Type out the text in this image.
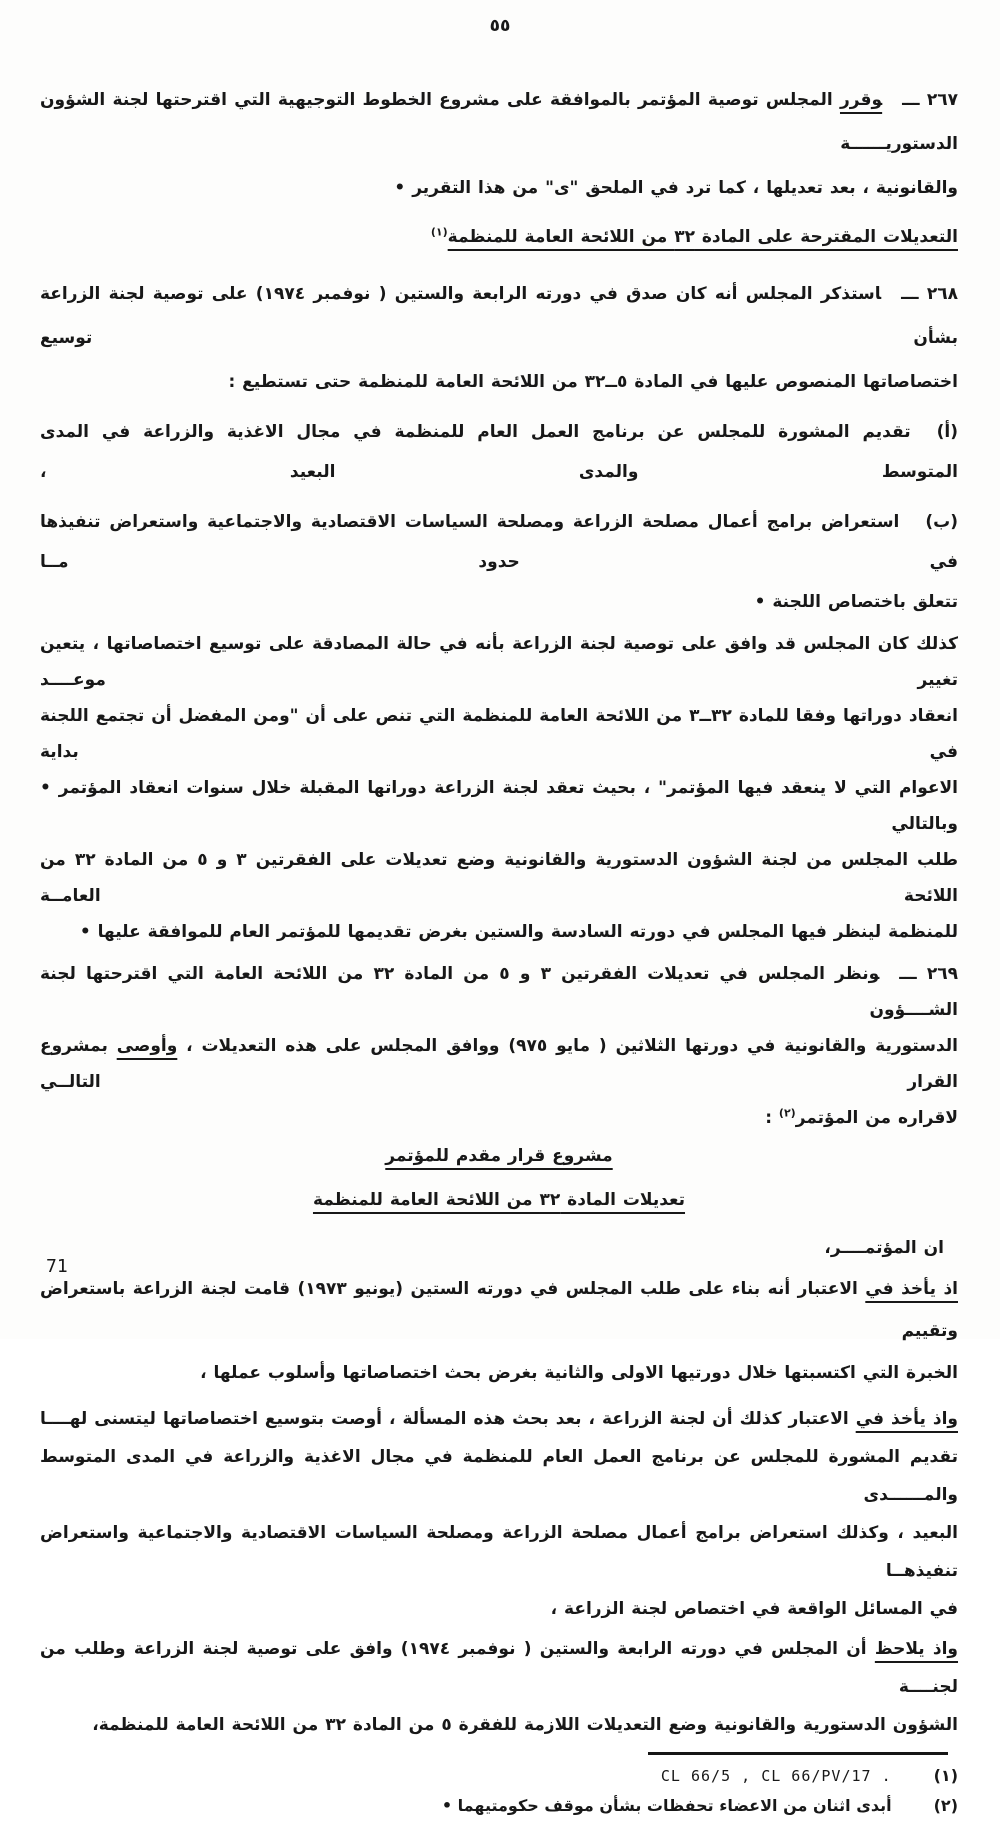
٥٥
٢٦٧ ـــوقرر المجلس توصية المؤتمر بالموافقة على مشروع الخطوط التوجيهية التي اقترحتها لجنة الشؤون الدستوريــــــة
والقانونية ، بعد تعديلها ، كما ترد في الملحق "ى" من هذا التقرير •
التعديلات المقترحة على المادة ٣٢ من اللائحة العامة للمنظمة$^{(١)}$
٢٦٨ ـــاستذكر المجلس أنه كان صدق في دورته الرابعة والستين ( نوفمبر ١٩٧٤) على توصية لجنة الزراعة بشأن توسيع
اختصاصاتها المنصوص عليها في المادة ٥ــ٣٢ من اللائحة العامة للمنظمة حتى تستطيع :
(أ)تقديم المشورة للمجلس عن برنامج العمل العام للمنظمة في مجال الاغذية والزراعة في المدى المتوسط والمدى البعيد ،
(ب)استعراض برامج أعمال مصلحة الزراعة ومصلحة السياسات الاقتصادية والاجتماعية واستعراض تنفيذها في حدود مــا
تتعلق باختصاص اللجنة •
كذلك كان المجلس قد وافق على توصية لجنة الزراعة بأنه في حالة المصادقة على توسيع اختصاصاتها ، يتعين تغيير موعــــد
انعقاد دوراتها وفقا للمادة ٣٢ــ٣ من اللائحة العامة للمنظمة التي تنص على أن "ومن المفضل أن تجتمع اللجنة في بداية
الاعوام التي لا ينعقد فيها المؤتمر" ، بحيث تعقد لجنة الزراعة دوراتها المقبلة خلال سنوات انعقاد المؤتمر • وبالتالي
طلب المجلس من لجنة الشؤون الدستورية والقانونية وضع تعديلات على الفقرتين ٣ و ٥ من المادة ٣٢ من اللائحة العامــة
للمنظمة لينظر فيها المجلس في دورته السادسة والستين بغرض تقديمها للمؤتمر العام للموافقة عليها •
٢٦٩ ـــونظر المجلس في تعديلات الفقرتين ٣ و ٥ من المادة ٣٢ من اللائحة العامة التي اقترحتها لجنة الشــــؤون
الدستورية والقانونية في دورتها الثلاثين ( مايو ٩٧٥) ووافق المجلس على هذه التعديلات ، وأوصى بمشروع القرار التالــي
لاقراره من المؤتمر$^{(٢)}$ :
مشروع قرار مقدم للمؤتمر
تعديلات المادة ٣٢ من اللائحة العامة للمنظمة
ان المؤتمــــر،
اذ يأخذ في الاعتبار أنه بناء على طلب المجلس في دورته الستين (يونيو ١٩٧٣) قامت لجنة الزراعة باستعراض وتقييم
الخبرة التي اكتسبتها خلال دورتيها الاولى والثانية بغرض بحث اختصاصاتها وأسلوب عملها ،
واذ يأخذ في الاعتبار كذلك أن لجنة الزراعة ، بعد بحث هذه المسألة ، أوصت بتوسيع اختصاصاتها ليتسنى لهــــا
تقديم المشورة للمجلس عن برنامج العمل العام للمنظمة في مجال الاغذية والزراعة في المدى المتوسط والمــــــدى
البعيد ، وكذلك استعراض برامج أعمال مصلحة الزراعة ومصلحة السياسات الاقتصادية والاجتماعية واستعراض تنفيذهــا
في المسائل الواقعة في اختصاص لجنة الزراعة ،
واذ يلاحظ أن المجلس في دورته الرابعة والستين ( نوفمبر ١٩٧٤) وافق على توصية لجنة الزراعة وطلب من لجنــــة
الشؤون الدستورية والقانونية وضع التعديلات اللازمة للفقرة ٥ من المادة ٣٢ من اللائحة العامة للمنظمة،
(١)
CL 66/5 , CL 66/PV/17 .
(٢)
أبدى اثنان من الاعضاء تحفظات بشأن موقف حكومتيهما •
71
